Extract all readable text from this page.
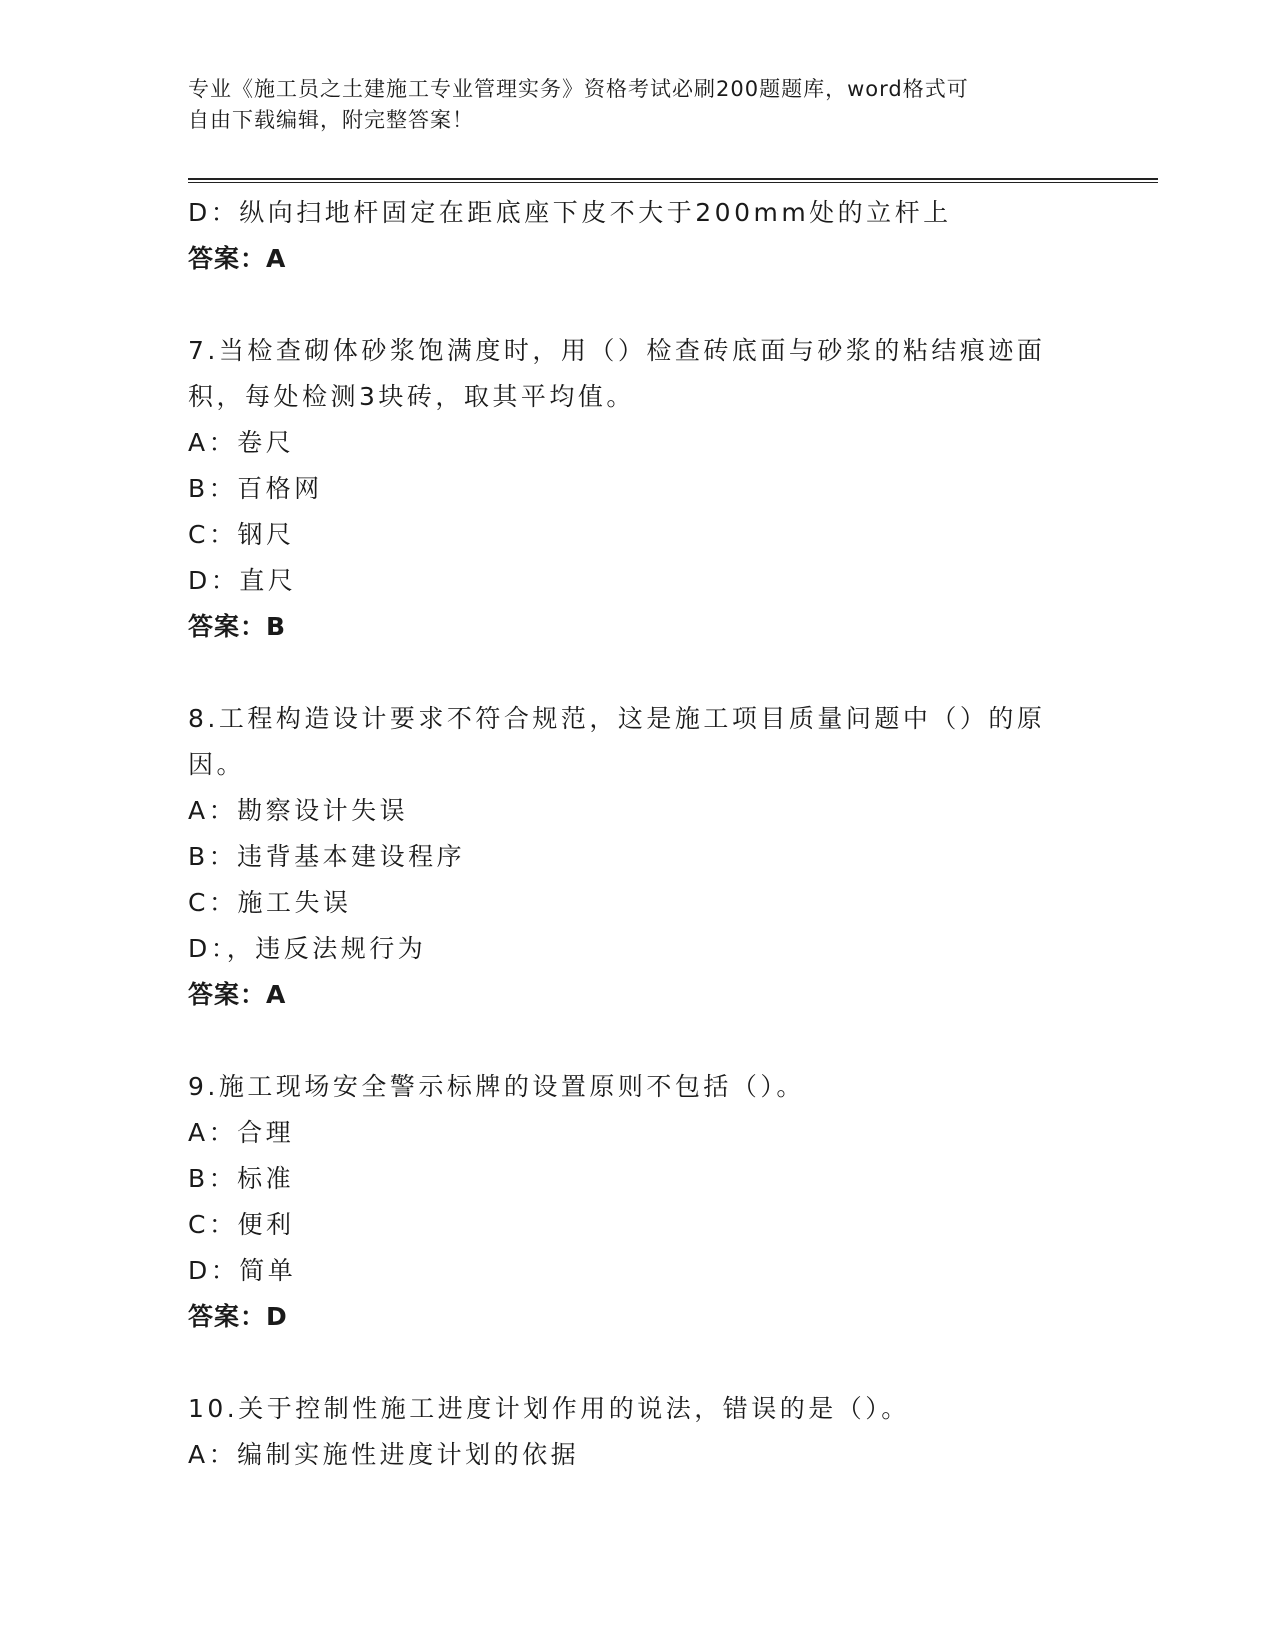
专业《施工员之土建施工专业管理实务》资格考试必刷200题题库，word格式可
自由下载编辑，附完整答案！
D：纵向扫地杆固定在距底座下皮不大于200mm处的立杆上
答案：A
7.当检查砌体砂浆饱满度时，用（）检查砖底面与砂浆的粘结痕迹面
积，每处检测3块砖，取其平均值。
A：卷尺
B：百格网
C：钢尺
D：直尺
答案：B
8.工程构造设计要求不符合规范，这是施工项目质量问题中（）的原
因。
A：勘察设计失误
B：违背基本建设程序
C：施工失误
D：，违反法规行为
答案：A
9.施工现场安全警示标牌的设置原则不包括（）。
A：合理
B：标准
C：便利
D：简单
答案：D
10.关于控制性施工进度计划作用的说法，错误的是（）。
A：编制实施性进度计划的依据
